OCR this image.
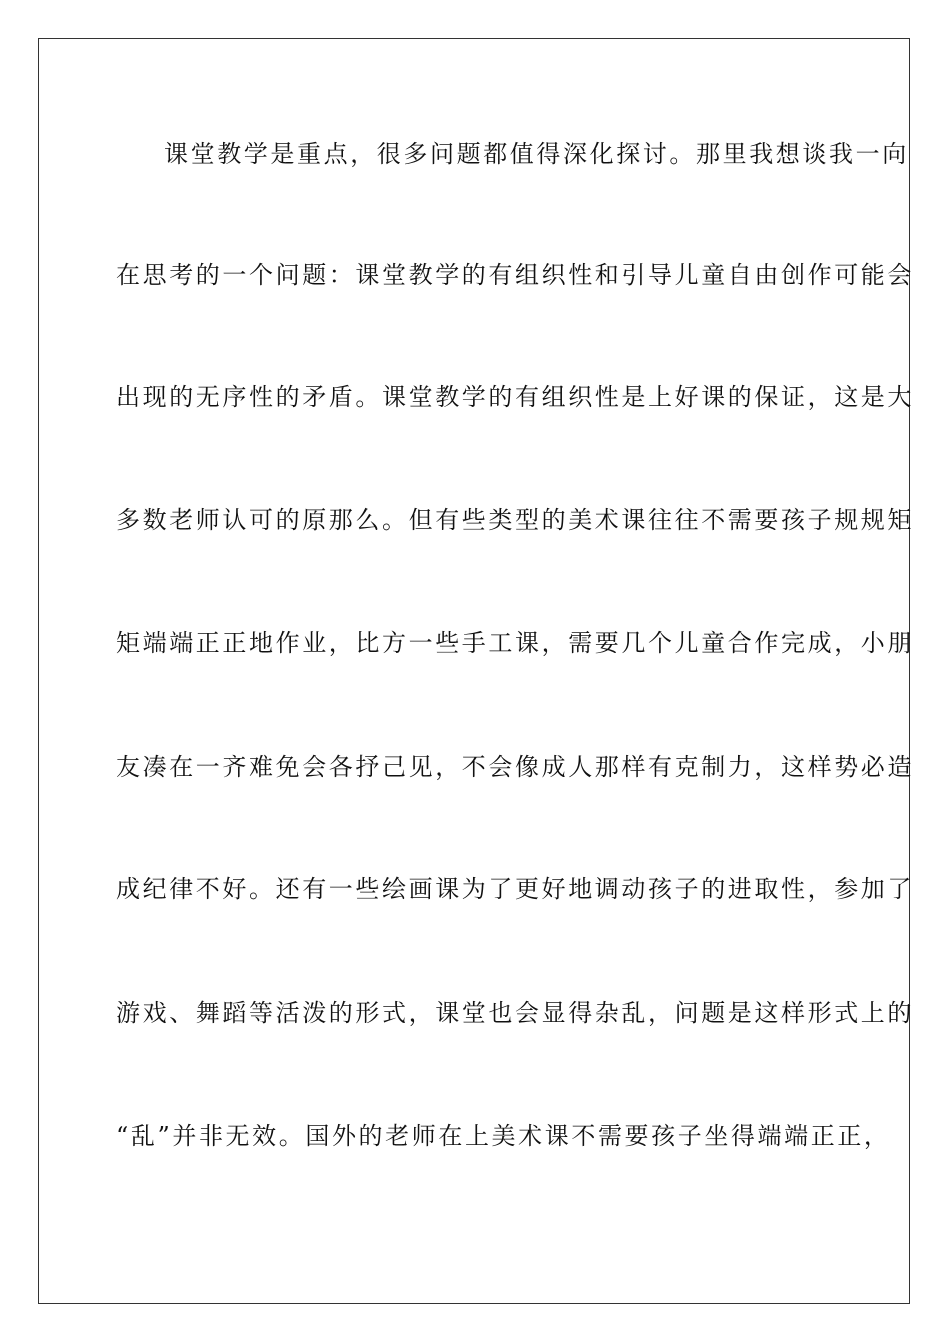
课堂教学是重点，很多问题都值得深化探讨。那里我想谈我一向
在思考的一个问题：课堂教学的有组织性和引导儿童自由创作可能会
出现的无序性的矛盾。课堂教学的有组织性是上好课的保证，这是大
多数老师认可的原那么。但有些类型的美术课往往不需要孩子规规矩
矩端端正正地作业，比方一些手工课，需要几个儿童合作完成，小朋
友凑在一齐难免会各抒己见，不会像成人那样有克制力，这样势必造
成纪律不好。还有一些绘画课为了更好地调动孩子的进取性，参加了
游戏、舞蹈等活泼的形式，课堂也会显得杂乱，问题是这样形式上的
“乱”并非无效。国外的老师在上美术课不需要孩子坐得端端正正，
